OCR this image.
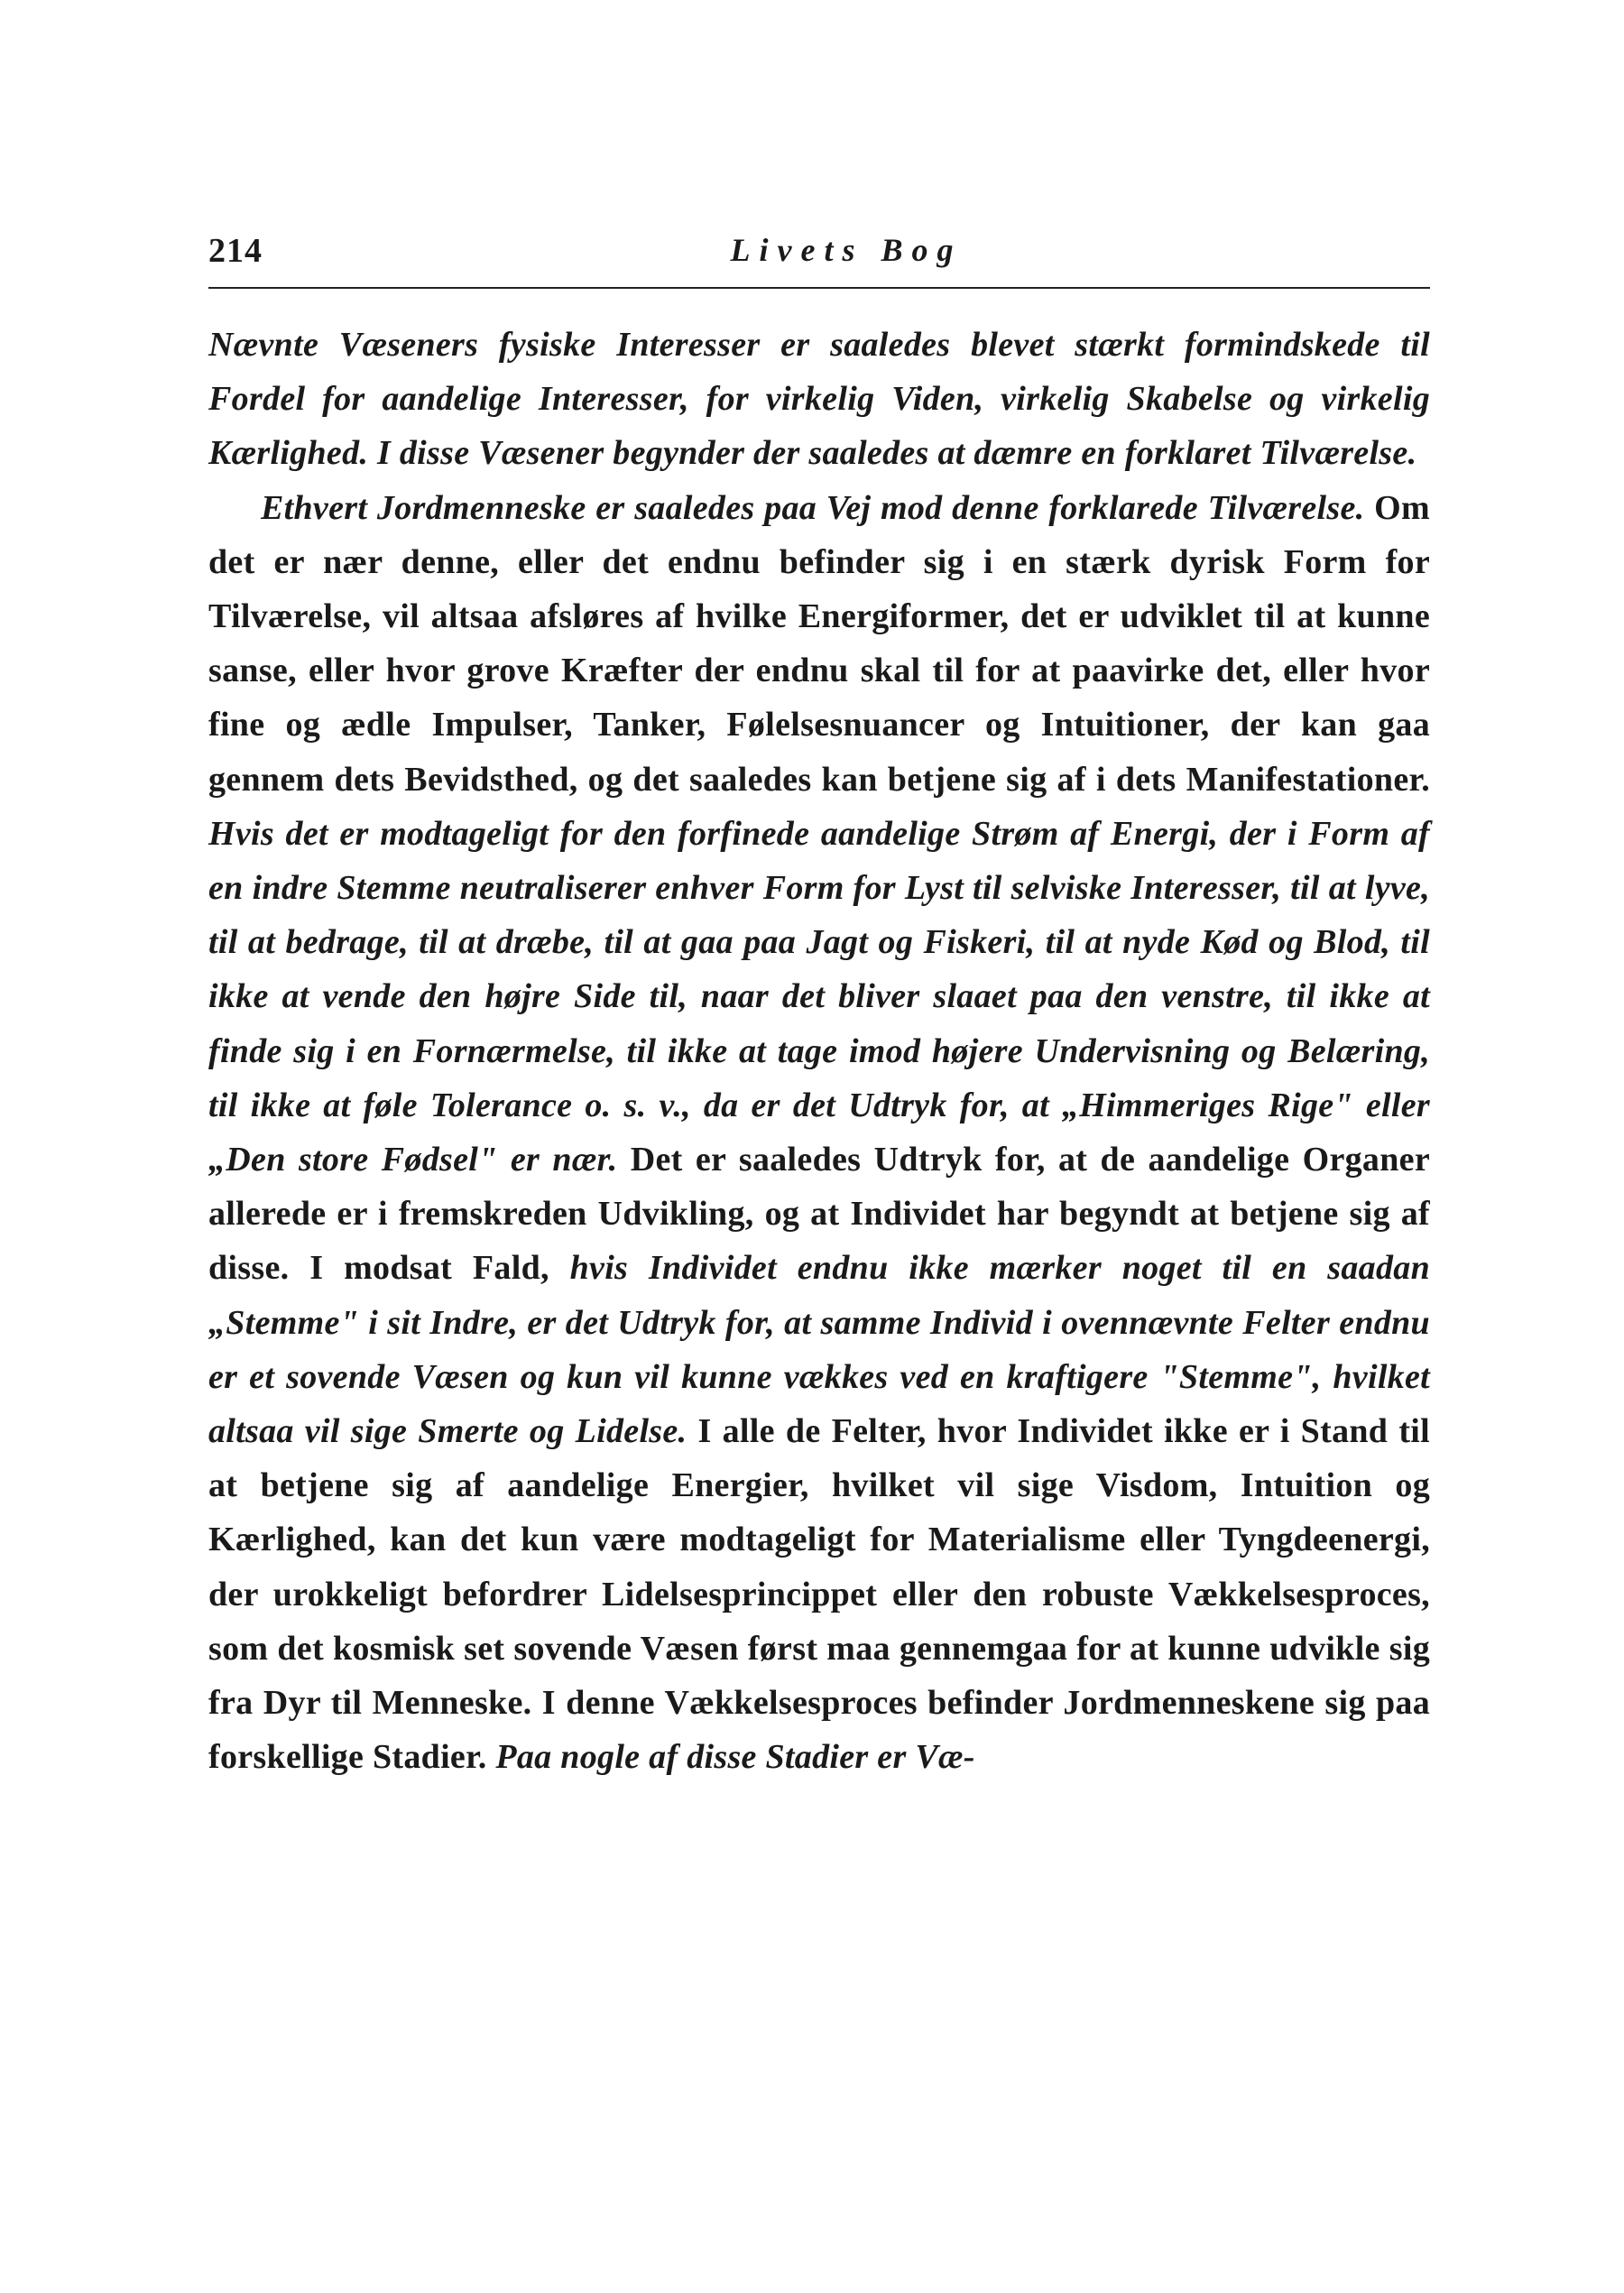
214	Livets Bog

Nævnte Væseners fysiske Interesser er saaledes blevet stærkt formindskede til Fordel for aandelige Interesser, for virkelig Viden, virkelig Skabelse og virkelig Kærlighed. I disse Væsener begynder der saaledes at dæmre en forklaret Tilværelse.

Ethvert Jordmenneske er saaledes paa Vej mod denne forklarede Tilværelse. Om det er nær denne, eller det endnu befinder sig i en stærk dyrisk Form for Tilværelse, vil altsaa afsløres af hvilke Energiformer, det er udviklet til at kunne sanse, eller hvor grove Kræfter der endnu skal til for at paavirke det, eller hvor fine og ædle Impulser, Tanker, Følelsesnuancer og Intuitioner, der kan gaa gennem dets Bevidsthed, og det saaledes kan betjene sig af i dets Manifestationer. Hvis det er modtageligt for den forfinede aandelige Strøm af Energi, der i Form af en indre Stemme neutraliserer enhver Form for Lyst til selviske Interesser, til at lyve, til at bedrage, til at dræbe, til at gaa paa Jagt og Fiskeri, til at nyde Kød og Blod, til ikke at vende den højre Side til, naar det bliver slaaet paa den venstre, til ikke at finde sig i en Fornærmelse, til ikke at tage imod højere Undervisning og Belæring, til ikke at føle Tolerance o. s. v., da er det Udtryk for, at „Himmeriges Rige" eller „Den store Fødsel" er nær. Det er saaledes Udtryk for, at de aandelige Organer allerede er i fremskreden Udvikling, og at Individet har begyndt at betjene sig af disse. I modsat Fald, hvis Individet endnu ikke mærker noget til en saadan „Stemme" i sit Indre, er det Udtryk for, at samme Individ i ovennævnte Felter endnu er et sovende Væsen og kun vil kunne vækkes ved en kraftigere "Stemme", hvilket altsaa vil sige Smerte og Lidelse. I alle de Felter, hvor Individet ikke er i Stand til at betjene sig af aandelige Energier, hvilket vil sige Visdom, Intuition og Kærlighed, kan det kun være modtageligt for Materialisme eller Tyngdeenergi, der urokkeligt befordrer Lidelsesprincippet eller den robuste Vækkelsesproces, som det kosmisk set sovende Væsen først maa gennemgaa for at kunne udvikle sig fra Dyr til Menneske. I denne Vækkelsesproces befinder Jordmenneskene sig paa forskellige Stadier. Paa nogle af disse Stadier er Væ-
